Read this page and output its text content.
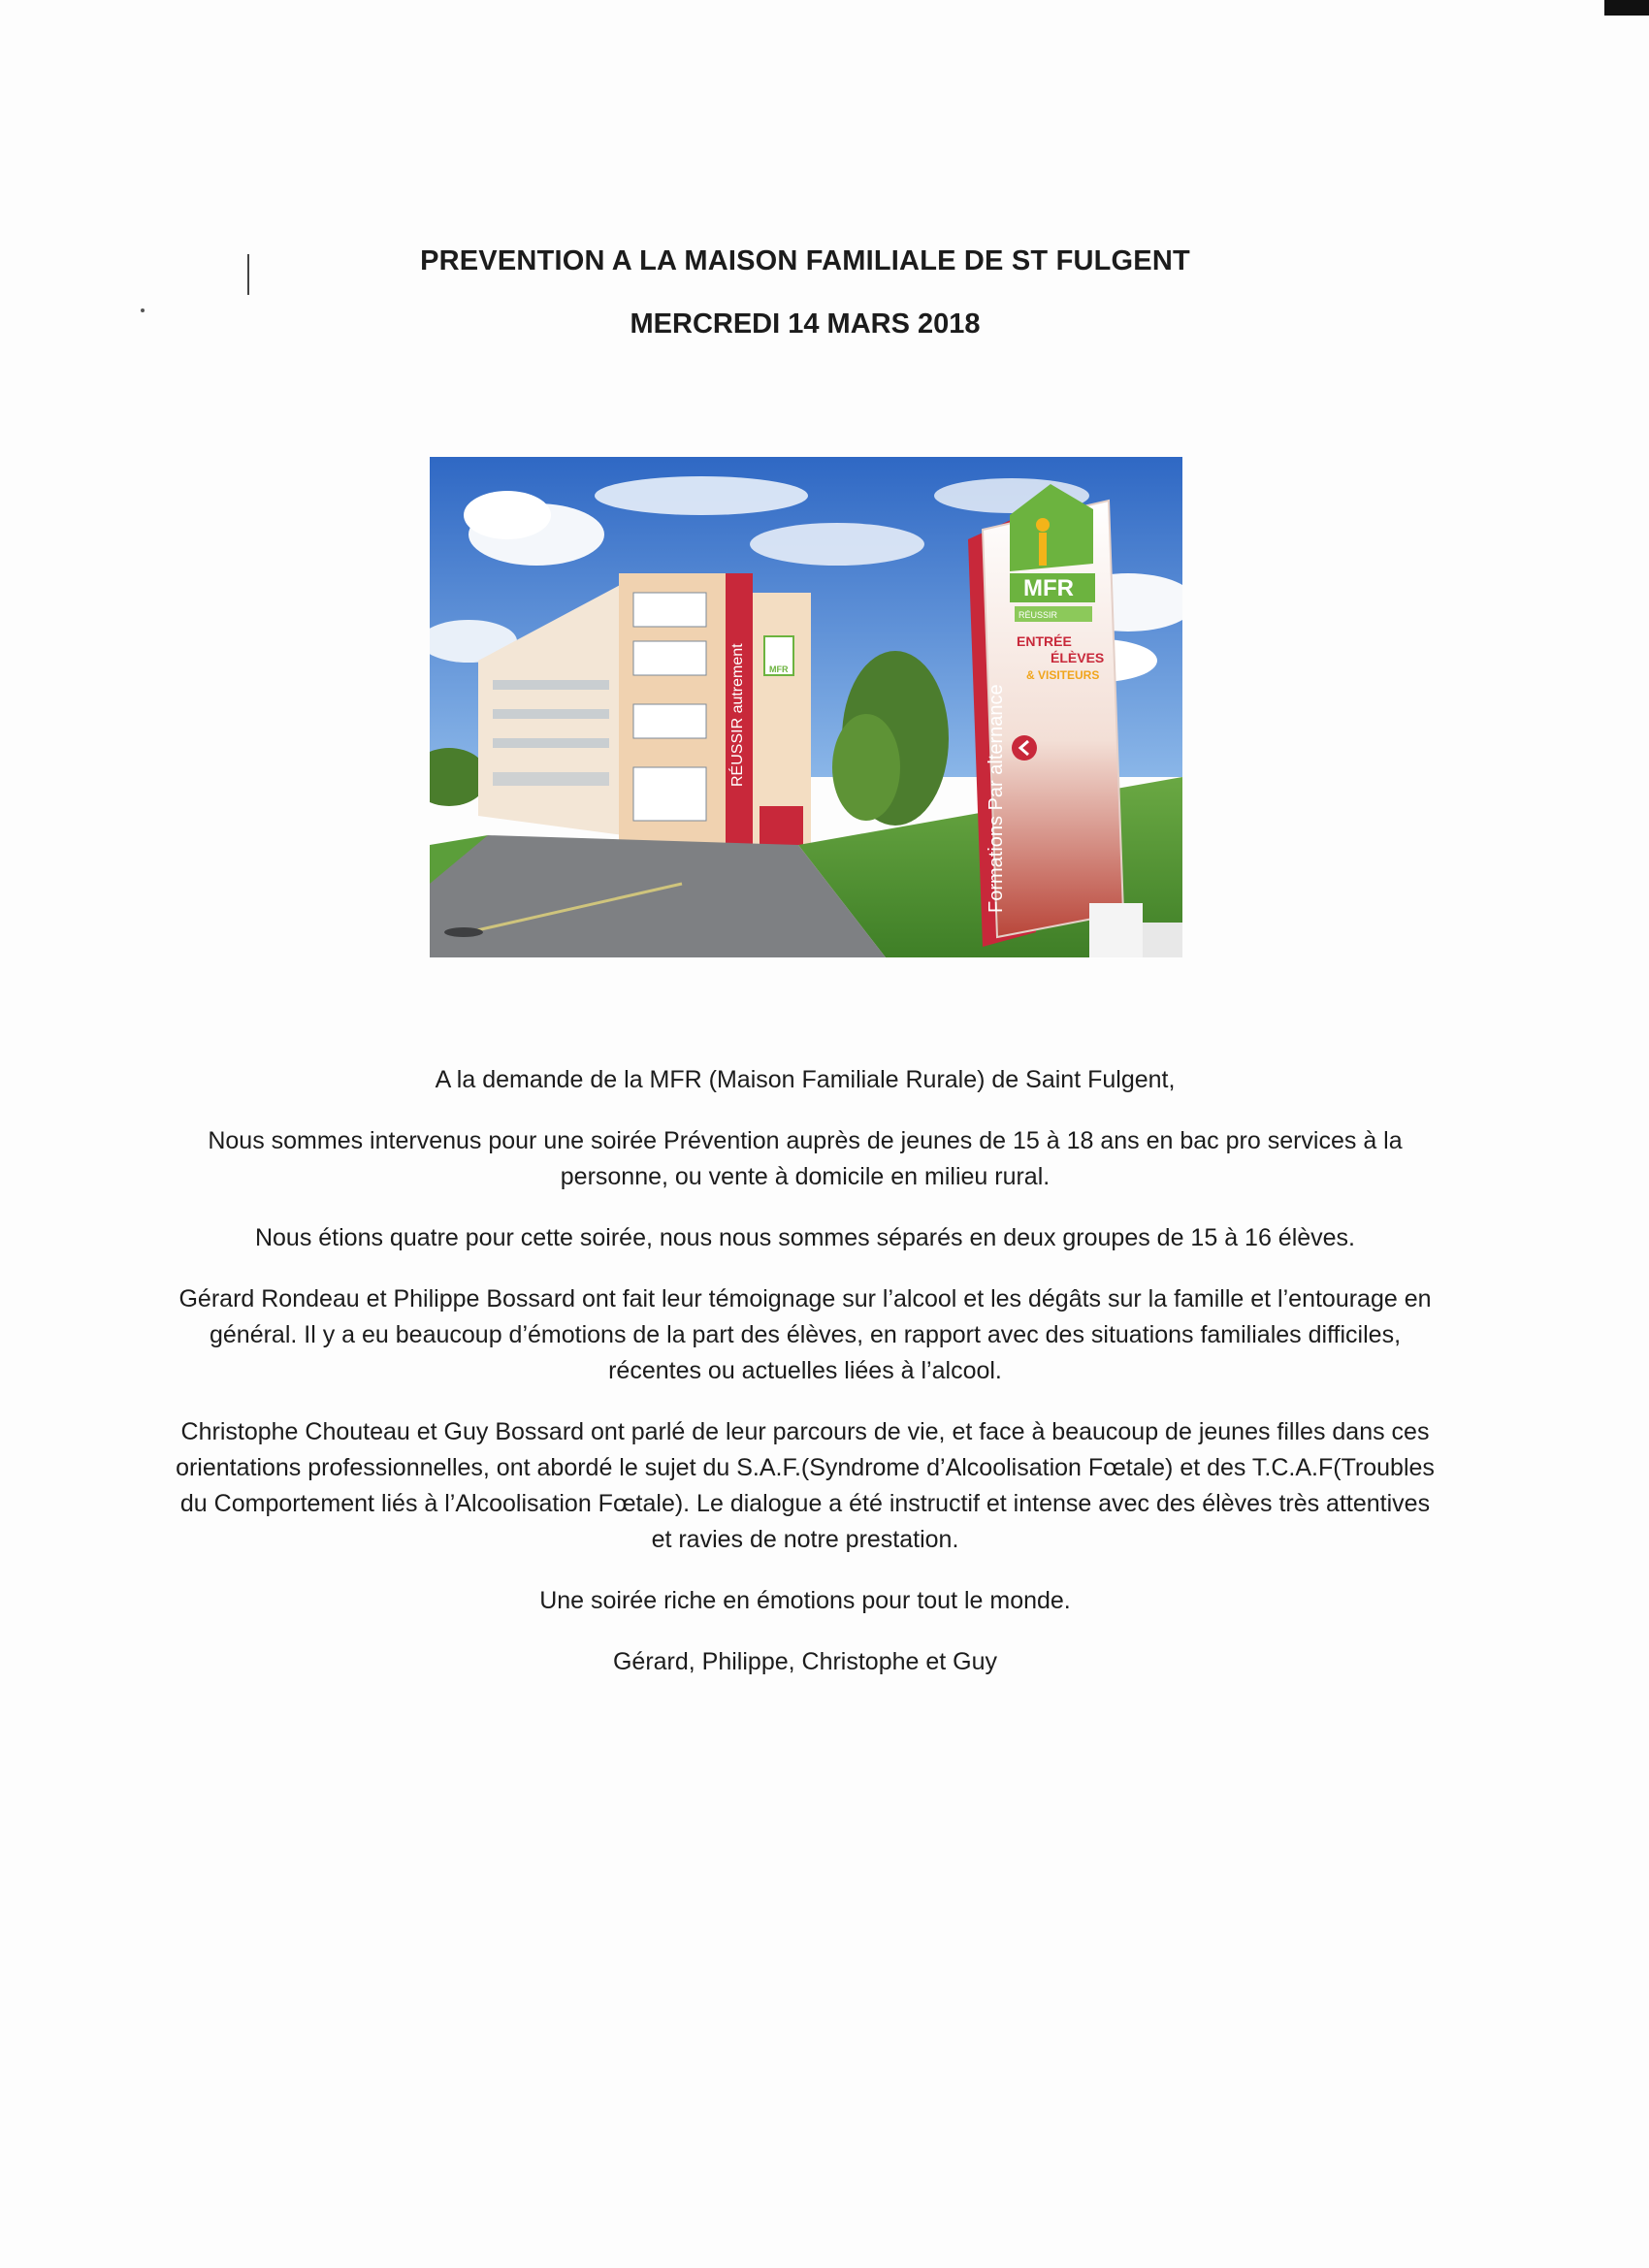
PREVENTION A LA MAISON FAMILIALE DE ST FULGENT
MERCREDI 14 MARS 2018
RÉUSSIR autrement	MFR
Formations Par alternance
MFR
RÉUSSIR
ENTRÉE
ÉLÈVES
& VISITEURS

A la demande de la MFR (Maison Familiale Rurale) de Saint Fulgent,

Nous sommes intervenus pour une soirée Prévention auprès de jeunes de 15 à 18 ans en bac pro services à la personne, ou vente à domicile en milieu rural.

Nous étions quatre pour cette soirée, nous nous sommes séparés en deux groupes de 15 à 16 élèves.

Gérard Rondeau et Philippe Bossard ont fait leur témoignage sur l’alcool et les dégâts sur la famille et l’entourage en général. Il y a eu beaucoup d’émotions de la part des élèves, en rapport avec des situations familiales difficiles, récentes ou actuelles liées à l’alcool.

Christophe Chouteau et Guy Bossard ont parlé de leur parcours de vie, et face à beaucoup de jeunes filles dans ces orientations professionnelles, ont abordé le sujet du S.A.F.(Syndrome d’Alcoolisation Fœtale) et des T.C.A.F(Troubles du Comportement liés à l’Alcoolisation Fœtale). Le dialogue a été instructif et intense avec des élèves très attentives et ravies de notre prestation.

Une soirée riche en émotions pour tout le monde.

Gérard, Philippe, Christophe et Guy
